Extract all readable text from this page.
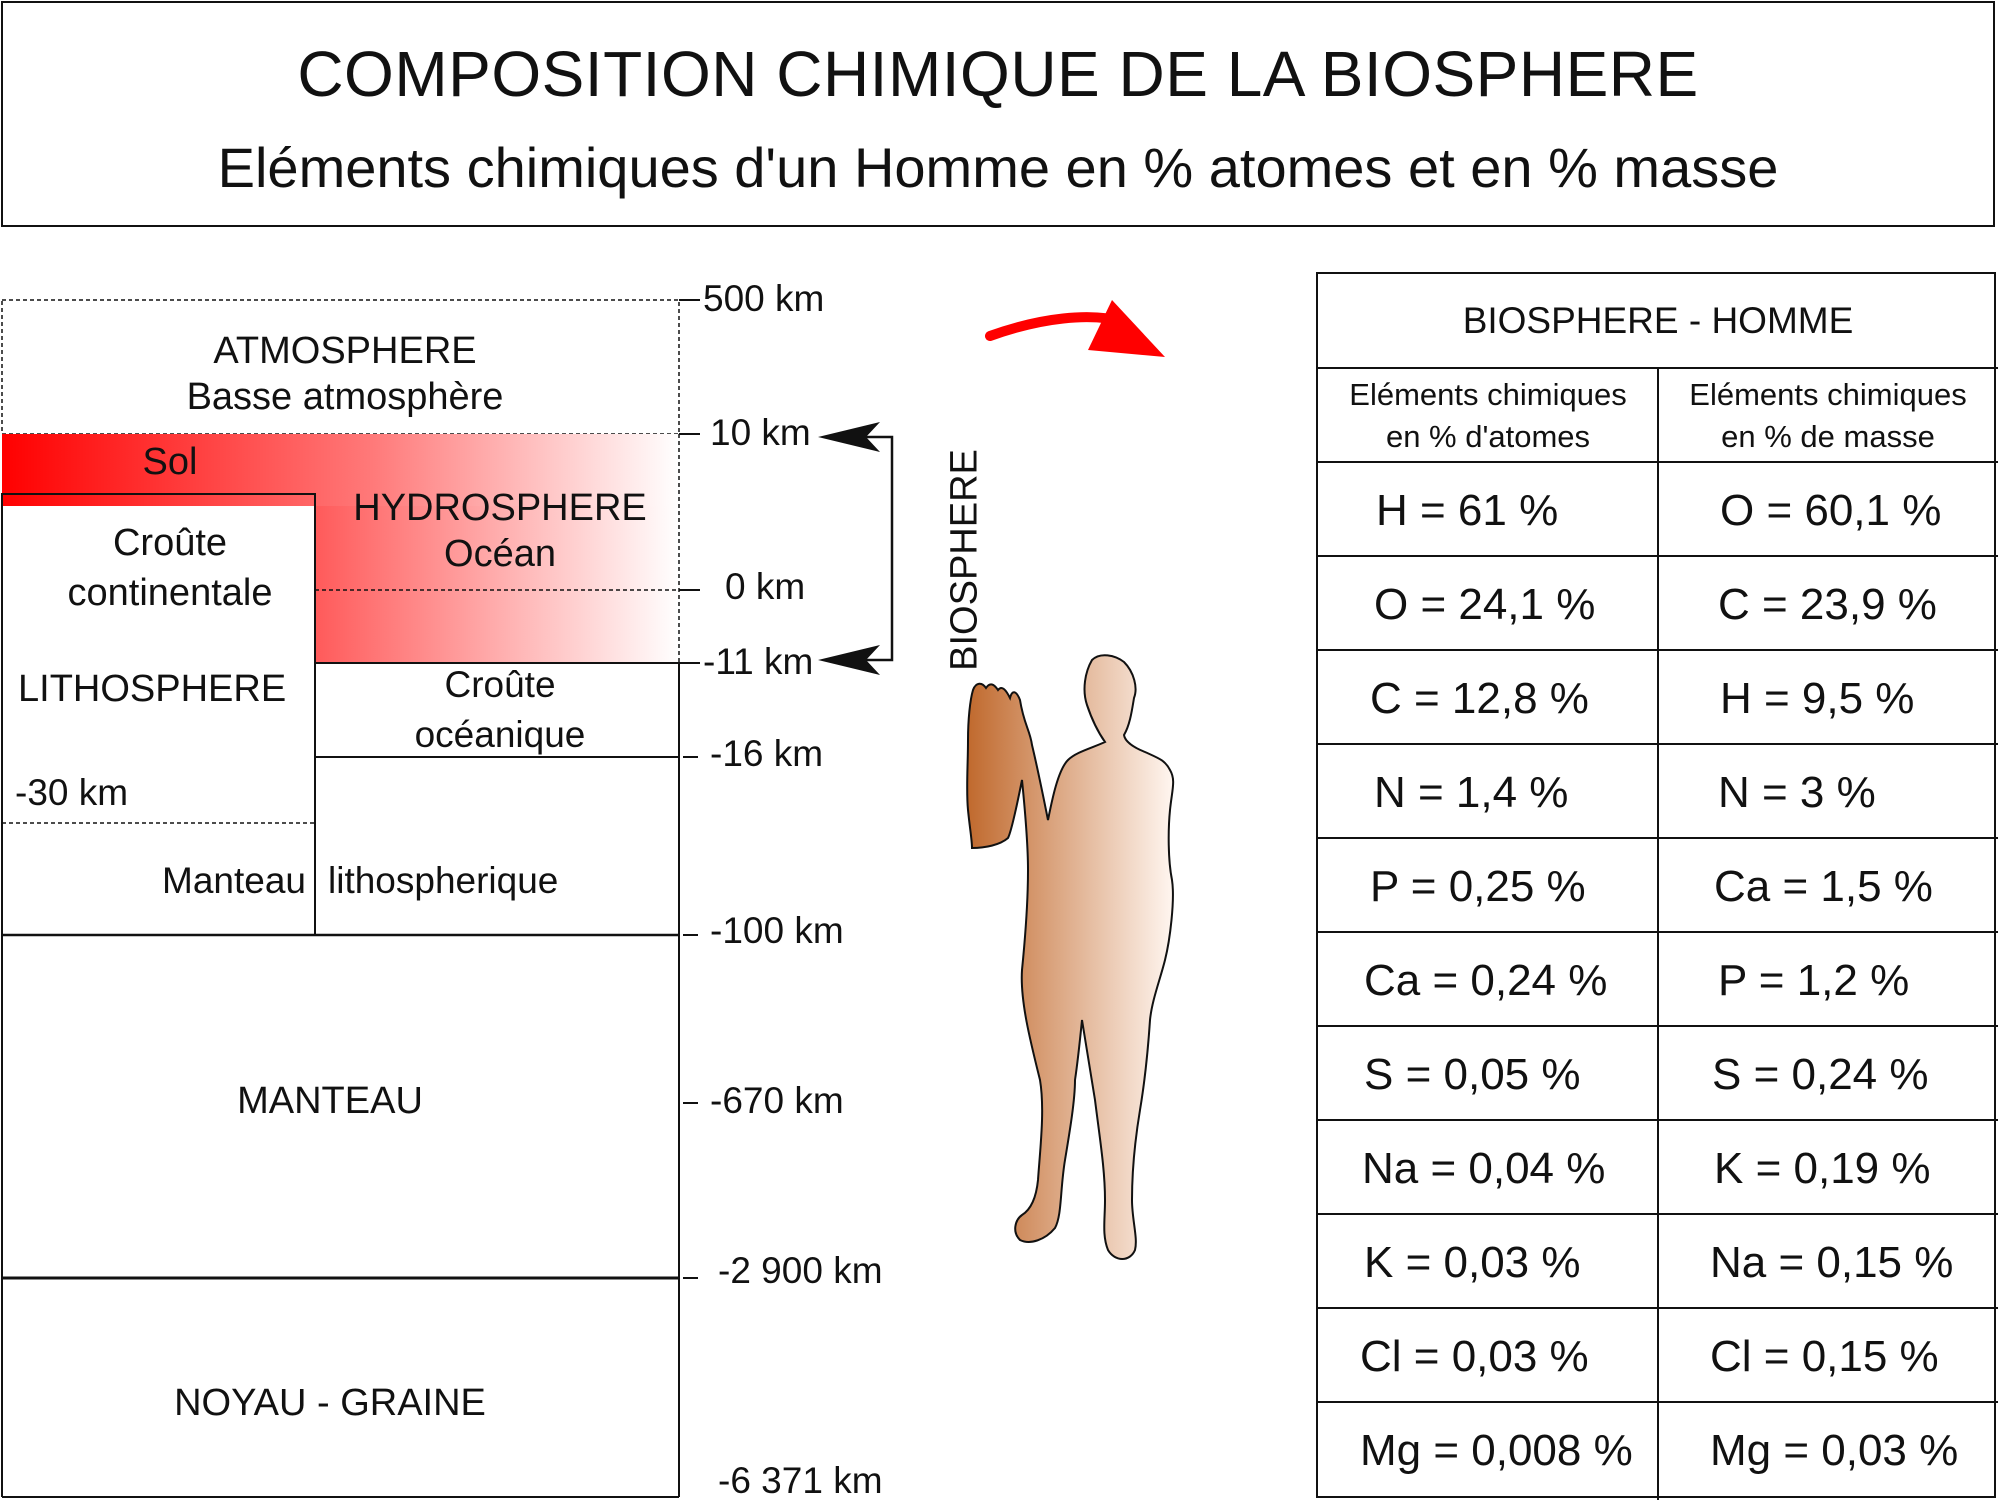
COMPOSITION CHIMIQUE DE LA BIOSPHERE
Eléments chimiques d'un Homme en % atomes et en % masse
ATMOSPHERE
Basse atmosphère
Sol
HYDROSPHERE
Océan
Croûte
continentale
LITHOSPHERE	Croûte
océanique
-30 km
Manteau lithospherique
MANTEAU
NOYAU - GRAINE
500 km
10 km
0 km
-11 km
-16 km
-100 km
-670 km
-2 900 km
-6 371 km
BIOSPHERE
BIOSPHERE - HOMME
Eléments chimiques
en % d'atomes
Eléments chimiques
en % de masse
H = 61 %	O = 60,1 %
O = 24,1 %	C = 23,9 %
C = 12,8 %	H = 9,5 %
N = 1,4 %	N = 3 %
P = 0,25 %	Ca = 1,5 %
Ca = 0,24 %	P = 1,2 %
S = 0,05 %	S = 0,24 %
Na = 0,04 % K = 0,19 %
K = 0,03 %	Na = 0,15 %
Cl = 0,03 %	Cl = 0,15 %
Mg = 0,008 % Mg = 0,03 %
